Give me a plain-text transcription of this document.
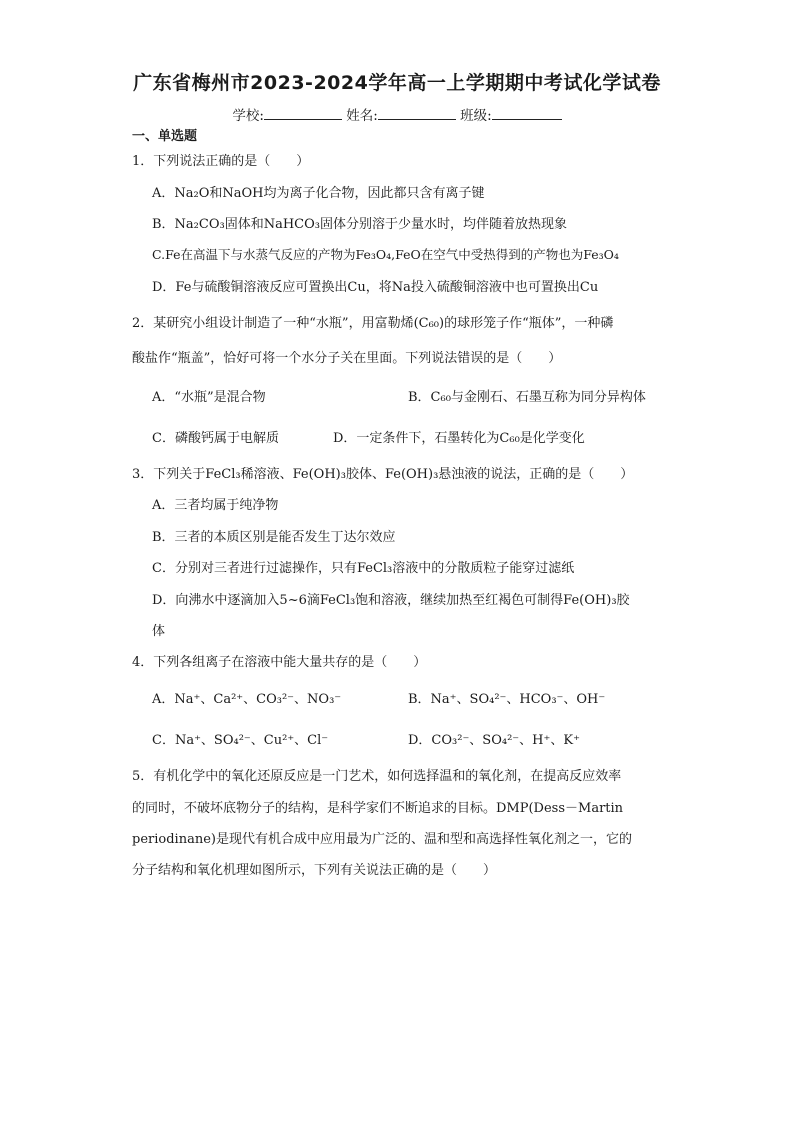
广东省梅州市2023-2024学年高一上学期期中考试化学试卷
学校:	姓名:	班级:
一、单选题
1．下列说法正确的是（　　）
A．Na₂O和NaOH均为离子化合物，因此都只含有离子键
B．Na₂CO₃固体和NaHCO₃固体分别溶于少量水时，均伴随着放热现象
C.Fe在高温下与水蒸气反应的产物为Fe₃O₄,FeO在空气中受热得到的产物也为Fe₃O₄
D．Fe与硫酸铜溶液反应可置换出Cu，将Na投入硫酸铜溶液中也可置换出Cu
2．某研究小组设计制造了一种“水瓶”，用富勒烯(C₆₀)的球形笼子作“瓶体”，一种磷
酸盐作“瓶盖”，恰好可将一个水分子关在里面。下列说法错误的是（　　）
A．“水瓶”是混合物	B．C₆₀与金刚石、石墨互称为同分异构体
C．磷酸钙属于电解质	D．一定条件下，石墨转化为C₆₀是化学变化
3．下列关于FeCl₃稀溶液、Fe(OH)₃胶体、Fe(OH)₃悬浊液的说法，正确的是（　　）
A．三者均属于纯净物
B．三者的本质区别是能否发生丁达尔效应
C．分别对三者进行过滤操作，只有FeCl₃溶液中的分散质粒子能穿过滤纸
D．向沸水中逐滴加入5~6滴FeCl₃饱和溶液，继续加热至红褐色可制得Fe(OH)₃胶
体
4．下列各组离子在溶液中能大量共存的是（　　）
A．Na⁺、Ca²⁺、CO₃²⁻、NO₃⁻	B．Na⁺、SO₄²⁻、HCO₃⁻、OH⁻
C．Na⁺、SO₄²⁻、Cu²⁺、Cl⁻	D．CO₃²⁻、SO₄²⁻、H⁺、K⁺
5．有机化学中的氧化还原反应是一门艺术，如何选择温和的氧化剂，在提高反应效率
的同时，不破坏底物分子的结构，是科学家们不断追求的目标。DMP(Dess－Martin
periodinane)是现代有机合成中应用最为广泛的、温和型和高选择性氧化剂之一，它的
分子结构和氧化机理如图所示，下列有关说法正确的是（　　）
